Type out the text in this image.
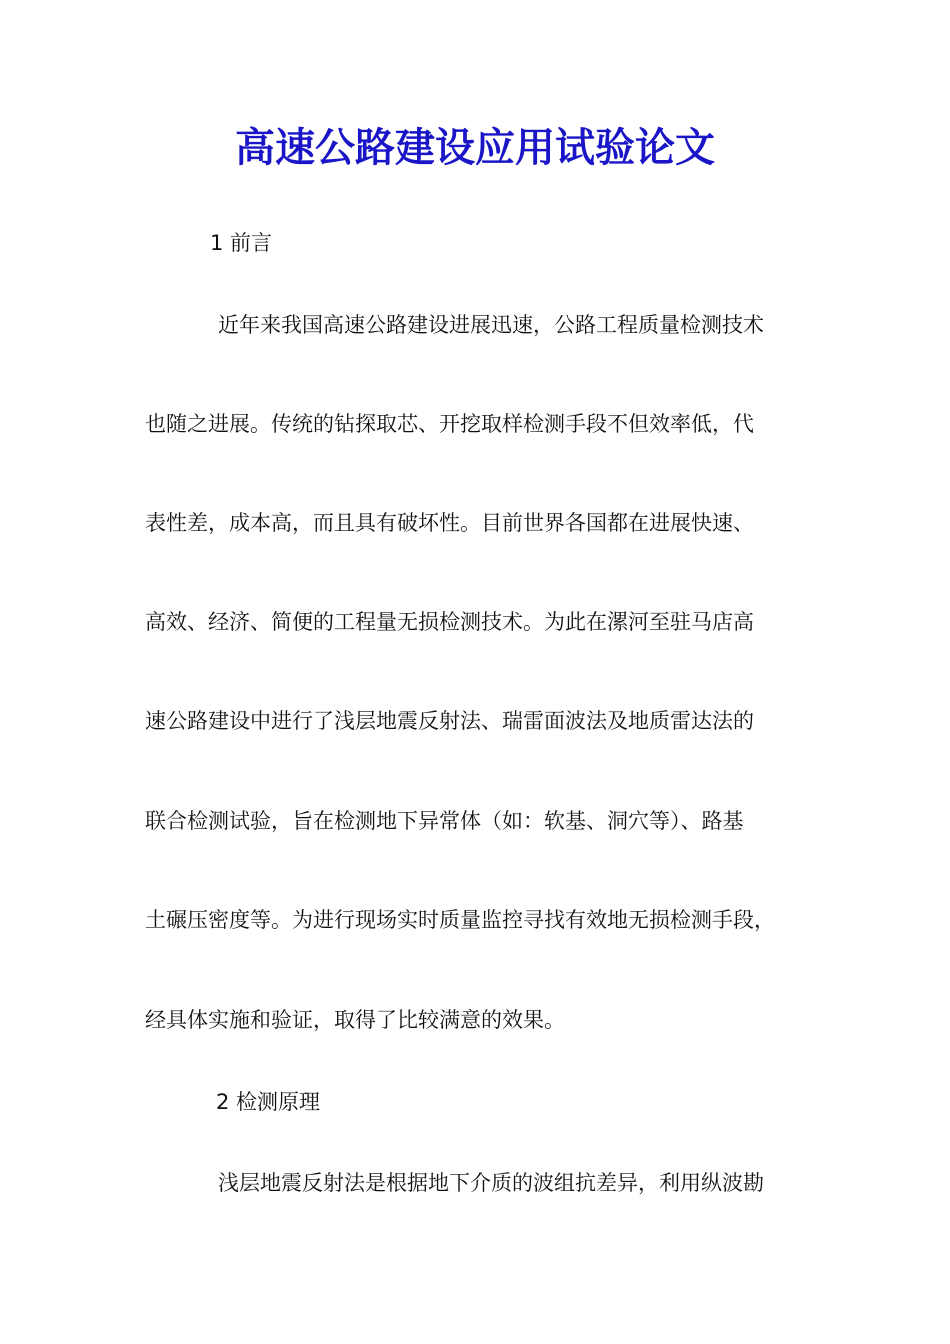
高速公路建设应用试验论文
1 前言
近年来我国高速公路建设进展迅速，公路工程质量检测技术
也随之进展。传统的钻探取芯、开挖取样检测手段不但效率低，代
表性差，成本高，而且具有破坏性。目前世界各国都在进展快速、
高效、经济、简便的工程量无损检测技术。为此在漯河至驻马店高
速公路建设中进行了浅层地震反射法、瑞雷面波法及地质雷达法的
联合检测试验，旨在检测地下异常体（如：软基、洞穴等）、路基
土碾压密度等。为进行现场实时质量监控寻找有效地无损检测手段，
经具体实施和验证，取得了比较满意的效果。
2 检测原理
浅层地震反射法是根据地下介质的波组抗差异，利用纵波勘
